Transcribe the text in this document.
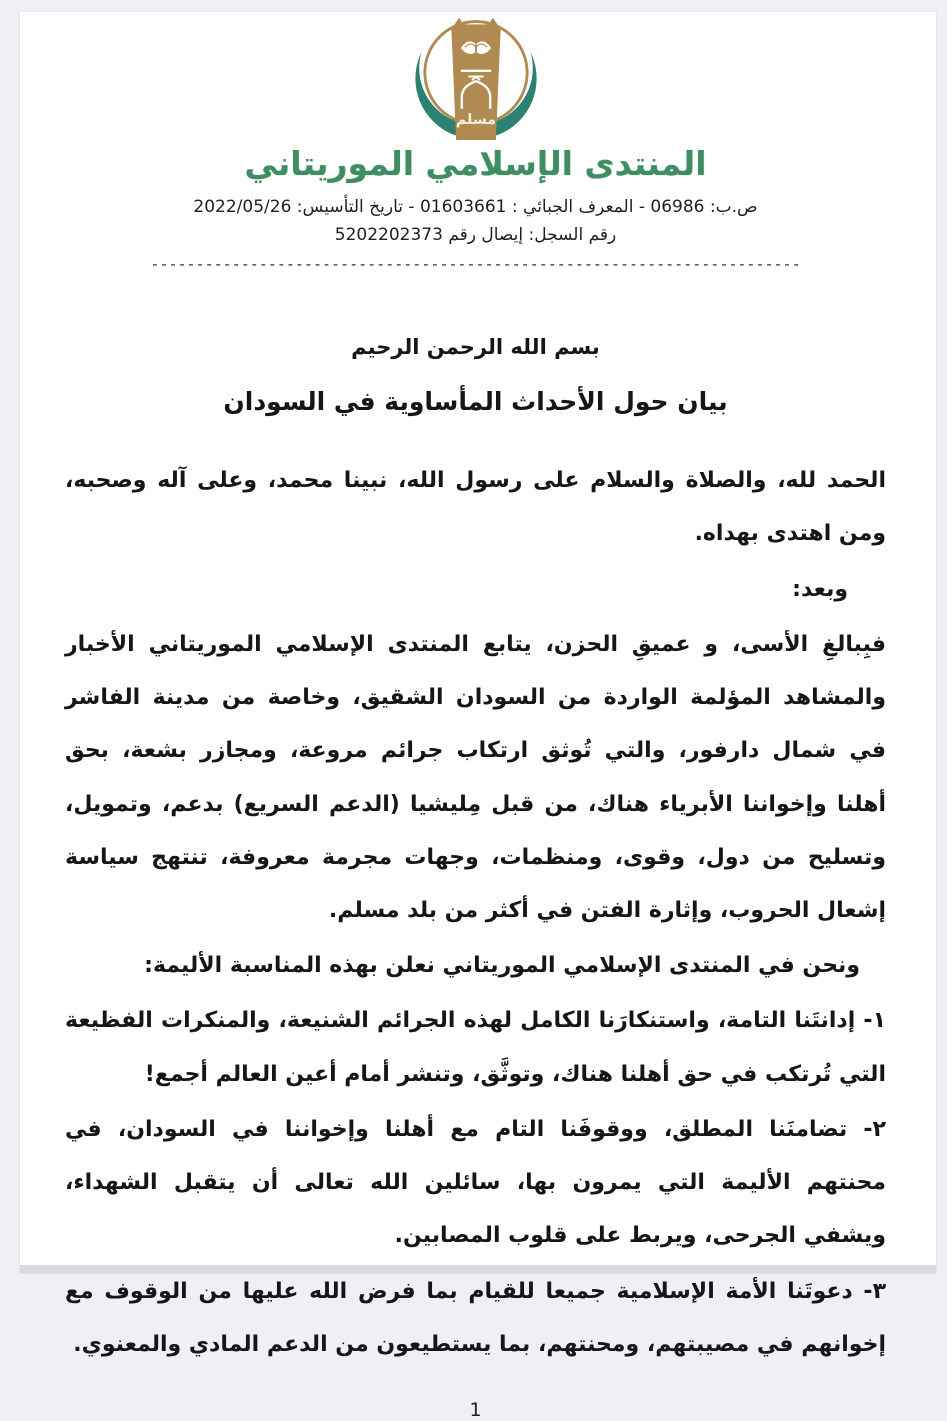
مسلم
المنتدى الإسلامي الموريتاني
ص.ب: 06986 - المعرف الجبائي : 01603661 - تاريخ التأسيس: 2022/05/26
رقم السجل: إيصال رقم 5202202373
------------------------------------------------------------------------
بسم الله الرحمن الرحيم
بيان حول الأحداث المأساوية في السودان

الحمد لله، والصلاة والسلام على رسول الله، نبينا محمد، وعلى آله وصحبه، ومن اهتدى بهداه.

وبعد:

فبِبالغِ الأسى، و عميقِ الحزن، يتابع المنتدى الإسلامي الموريتاني الأخبار والمشاهد المؤلمة الواردة من السودان الشقيق، وخاصة من مدينة الفاشر في شمال دارفور، والتي تُوثق ارتكاب جرائم مروعة، ومجازر بشعة، بحق أهلنا وإخواننا الأبرياء هناك، من قبل مِليشيا (الدعم السريع) بدعم، وتمويل، وتسليح من دول، وقوى، ومنظمات، وجهات مجرمة معروفة، تنتهج سياسة إشعال الحروب، وإثارة الفتن في أكثر من بلد مسلم.

ونحن في المنتدى الإسلامي الموريتاني نعلن بهذه المناسبة الأليمة:

١- إدانتَنا التامة، واستنكارَنا الكامل لهذه الجرائم الشنيعة، والمنكرات الفظيعة التي تُرتكب في حق أهلنا هناك، وتوثَّق، وتنشر أمام أعين العالم أجمع!

٢- تضامنَنا المطلق، ووقوفَنا التام مع أهلنا وإخواننا في السودان، في محنتهم الأليمة التي يمرون بها، سائلين الله تعالى أن يتقبل الشهداء، ويشفي الجرحى، ويربط على قلوب المصابين.

٣- دعوتَنا الأمة الإسلامية جميعا للقيام بما فرض الله عليها من الوقوف مع إخوانهم في مصيبتهم، ومحنتهم، بما يستطيعون من الدعم المادي والمعنوي.

1
